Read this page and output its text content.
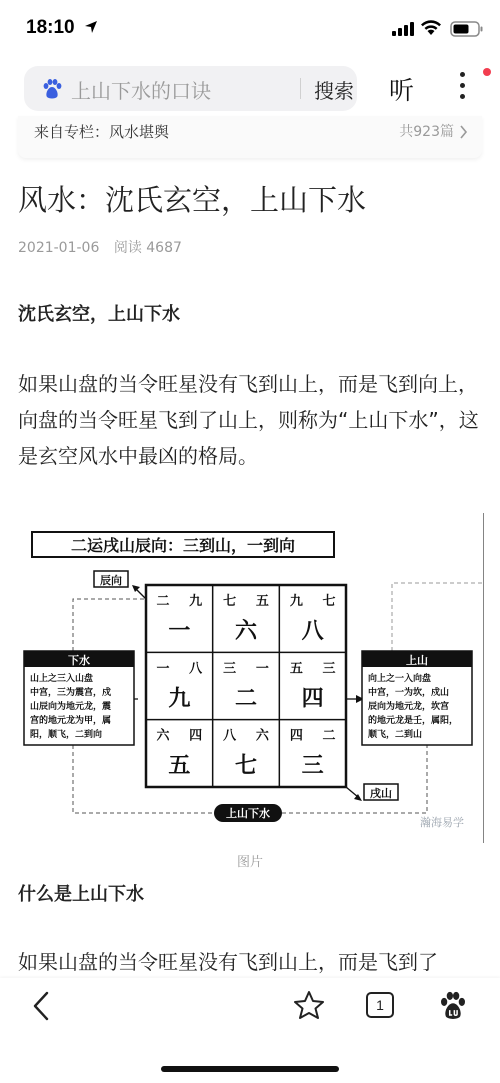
18:10
上山下水的口诀	搜索 听
来自专栏：风水堪舆	共923篇
风水：沈氏玄空，上山下水
2021-01-06 阅读 4687
沈氏玄空，上山下水

如果山盘的当令旺星没有飞到山上，而是飞到向上，向盘的当令旺星飞到了山上，则称为“上山下水”，这是玄空风水中最凶的格局。

二运戌山辰向：三到山，一到向
辰向
二 九
一
七 五
六
九 七
八
一 八
九
三 一
二
五 三
四
六 四
五
八 六
七
四 二
三
戌山
下水
山上之三入山盘
中宫，三为震宫，戍
山辰向为地元龙，震
宫的地元龙为甲，属
阳，顺飞，二到向
上山
向上之一入向盘
中宫，一为坎，戍山
辰向为地元龙，坎宫
的地元龙是壬，属阳，
顺飞，二到山
上山下水
瀚海易学
图片
什么是上山下水

如果山盘的当令旺星没有飞到山上，而是飞到了

1
